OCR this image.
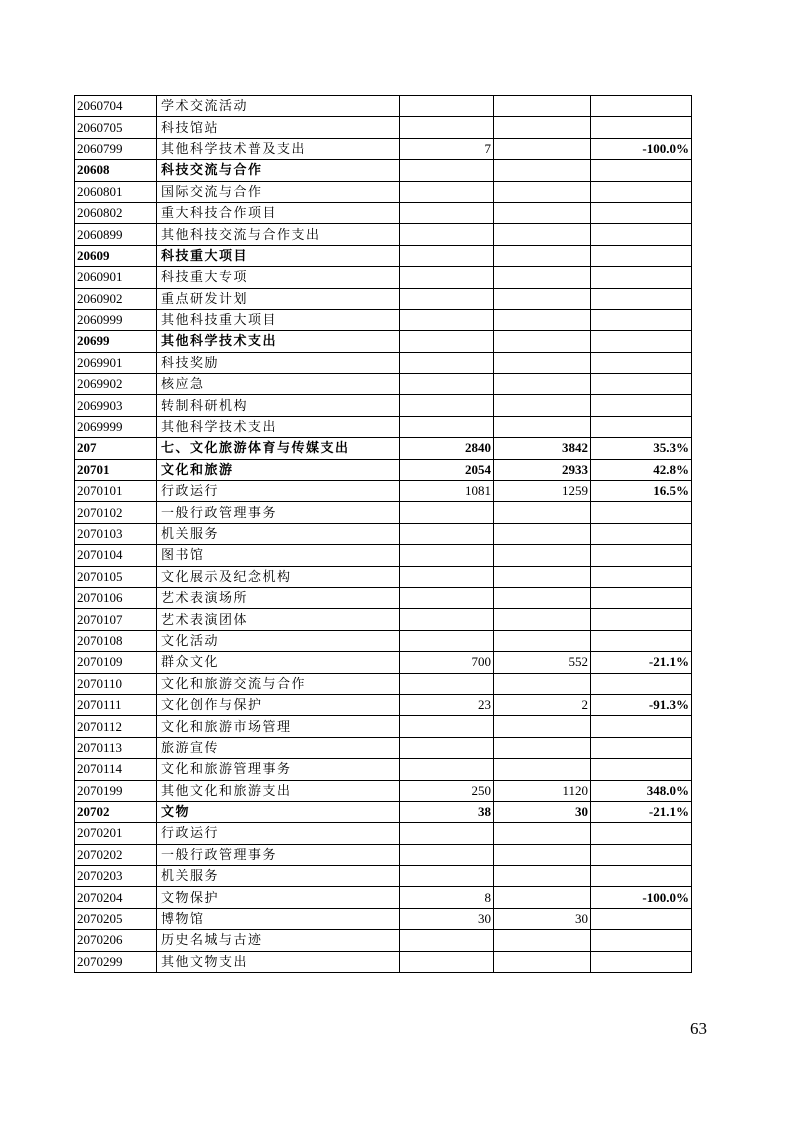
2060704	学术交流活动			
2060705	科技馆站			
2060799	其他科学技术普及支出	7		-100.0%
20608	科技交流与合作			
2060801	国际交流与合作			
2060802	重大科技合作项目			
2060899	其他科技交流与合作支出			
20609	科技重大项目			
2060901	科技重大专项			
2060902	重点研发计划			
2060999	其他科技重大项目			
20699	其他科学技术支出			
2069901	科技奖励			
2069902	核应急			
2069903	转制科研机构			
2069999	其他科学技术支出			
207	七、文化旅游体育与传媒支出	2840	3842	35.3%
20701	文化和旅游	2054	2933	42.8%
2070101	行政运行	1081	1259	16.5%
2070102	一般行政管理事务			
2070103	机关服务			
2070104	图书馆			
2070105	文化展示及纪念机构			
2070106	艺术表演场所			
2070107	艺术表演团体			
2070108	文化活动			
2070109	群众文化	700	552	-21.1%
2070110	文化和旅游交流与合作			
2070111	文化创作与保护	23	2	-91.3%
2070112	文化和旅游市场管理			
2070113	旅游宣传			
2070114	文化和旅游管理事务			
2070199	其他文化和旅游支出	250	1120	348.0%
20702	文物	38	30	-21.1%
2070201	行政运行			
2070202	一般行政管理事务			
2070203	机关服务			
2070204	文物保护	8		-100.0%
2070205	博物馆	30	30	
2070206	历史名城与古迹			
2070299	其他文物支出			
63
